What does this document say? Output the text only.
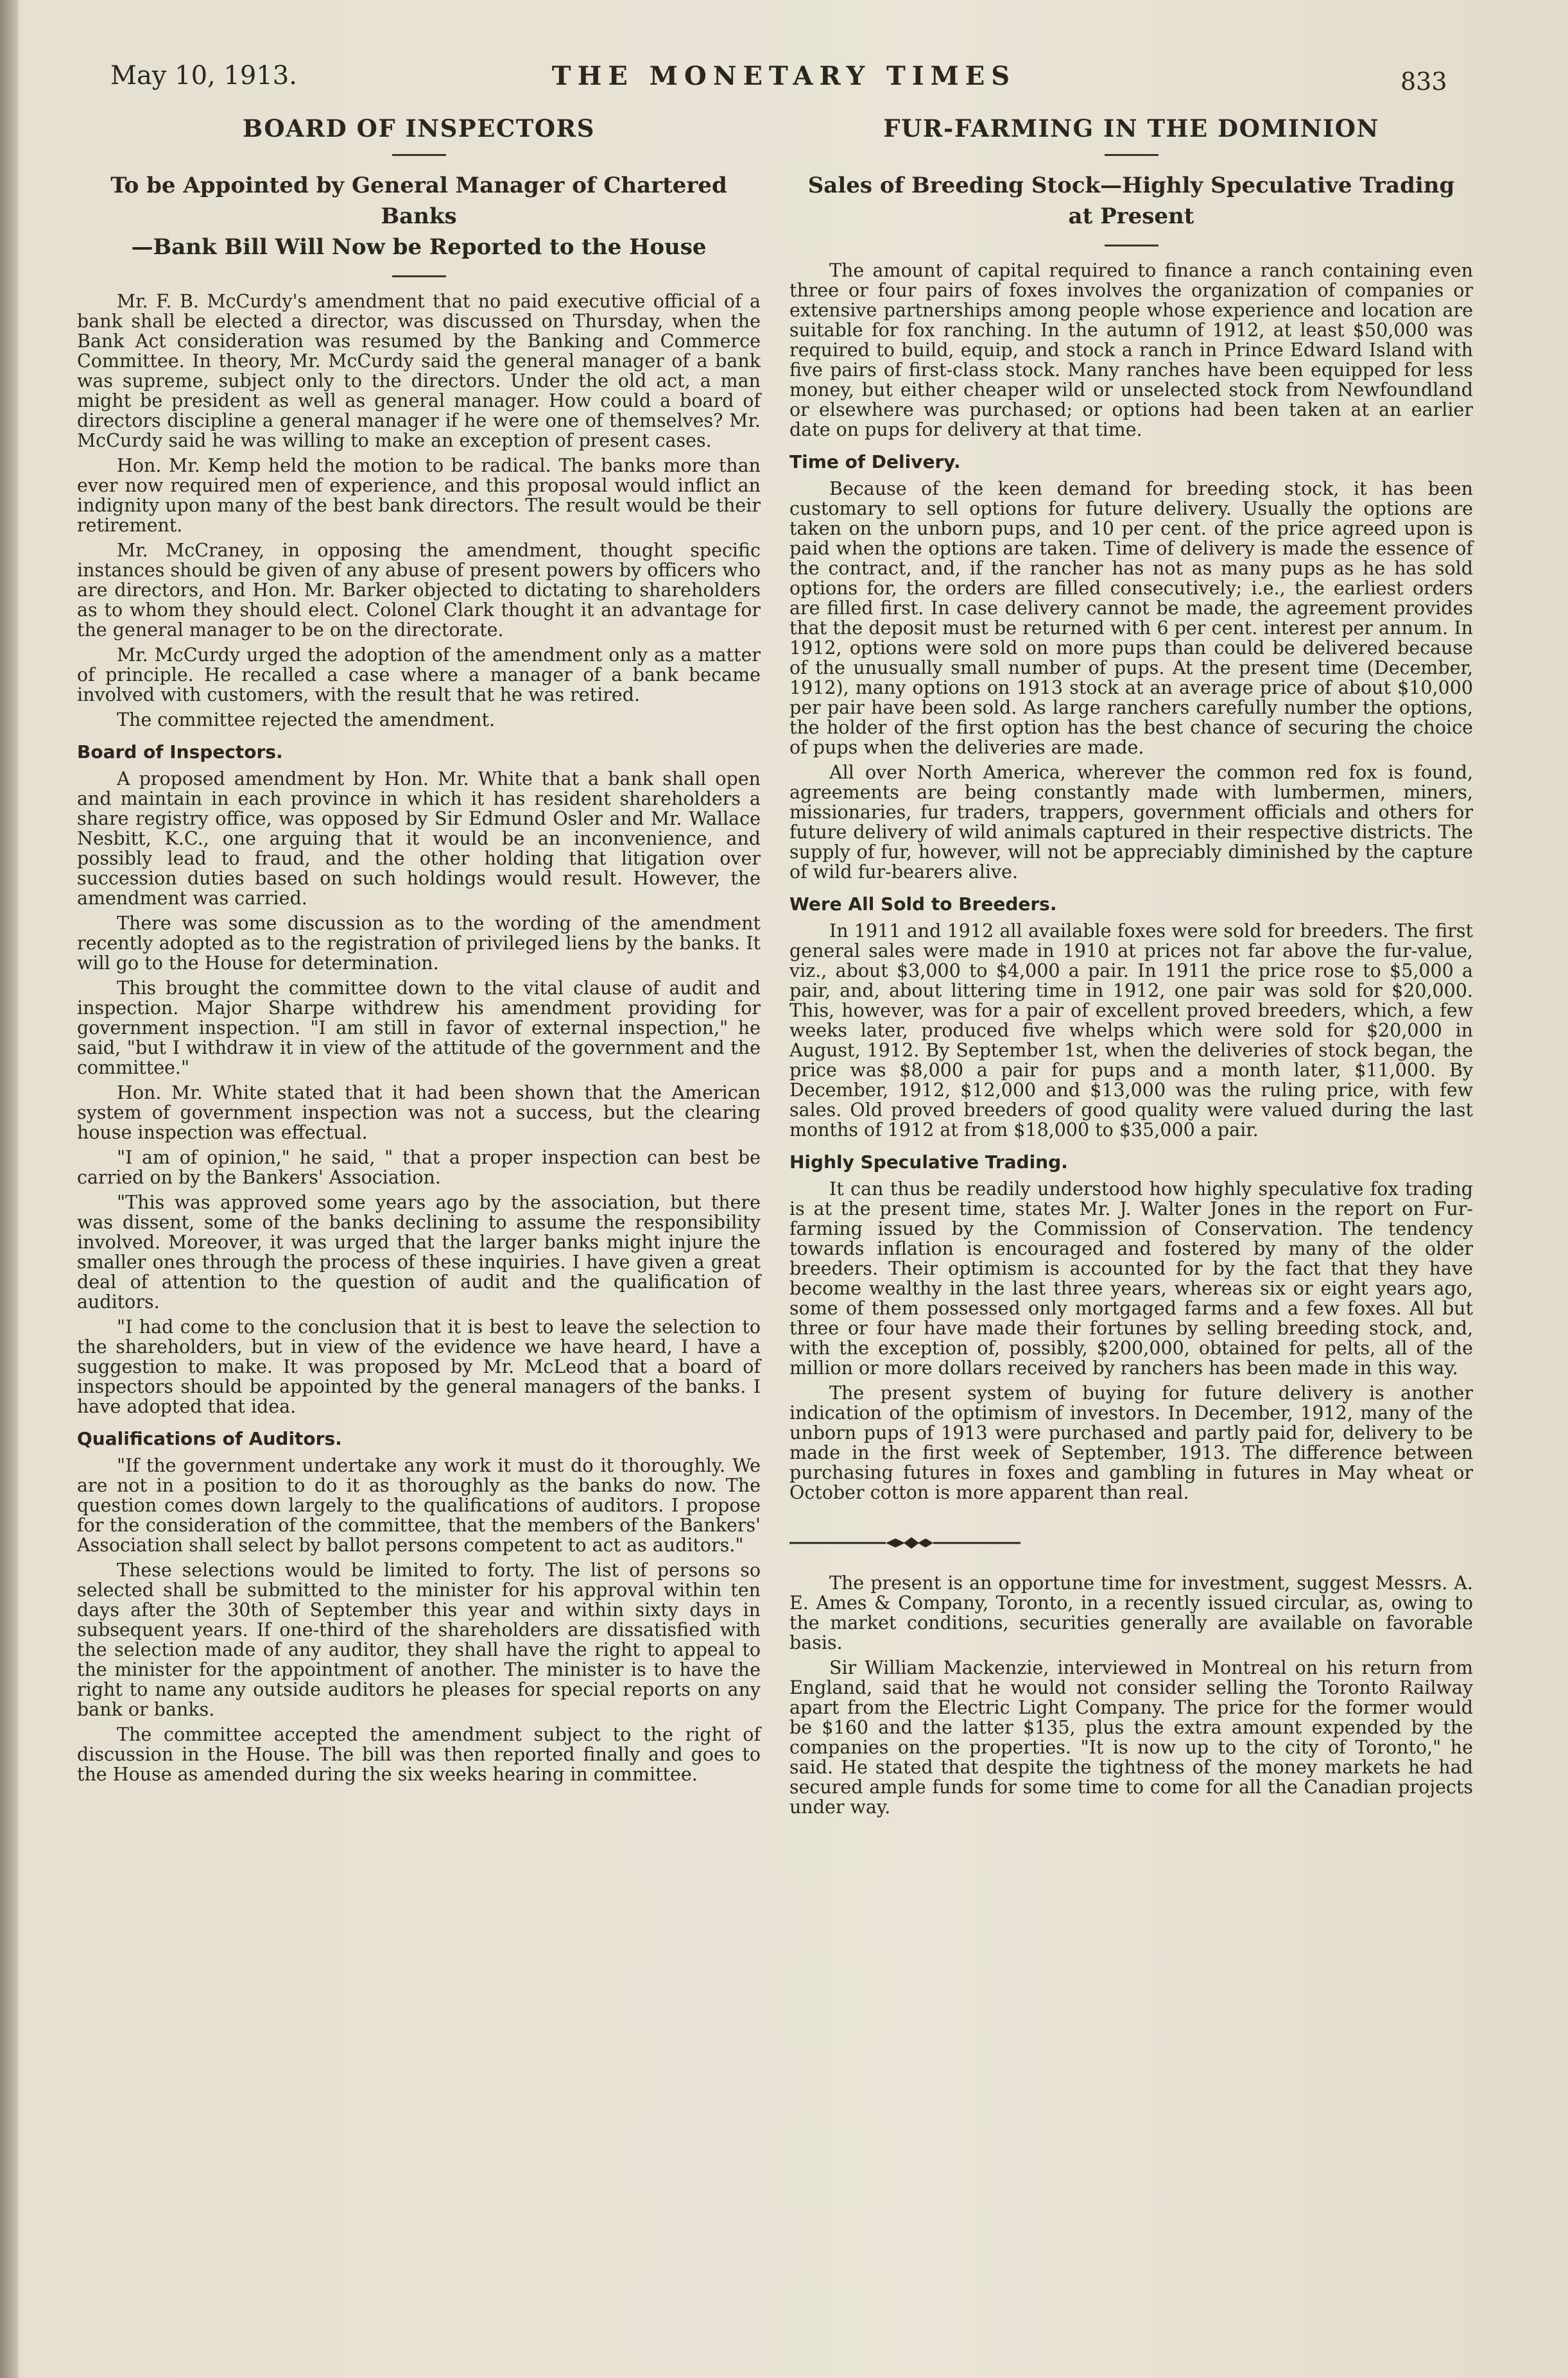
May 10, 1913.	THE MONETARY TIMES	833
BOARD OF INSPECTORS
To be Appointed by General Manager of Chartered Banks
—Bank Bill Will Now be Reported to the House

Mr. F. B. McCurdy's amendment that no paid executive official of a bank shall be elected a director, was discussed on Thursday, when the Bank Act consideration was resumed by the Banking and Commerce Committee. In theory, Mr. McCurdy said the general manager of a bank was supreme, subject only to the directors. Under the old act, a man might be president as well as general manager. How could a board of directors discipline a general manager if he were one of themselves? Mr. McCurdy said he was willing to make an exception of present cases.

Hon. Mr. Kemp held the motion to be radical. The banks more than ever now required men of experience, and this proposal would inflict an indignity upon many of the best bank directors. The result would be their retirement.

Mr. McCraney, in opposing the amendment, thought specific instances should be given of any abuse of present powers by officers who are directors, and Hon. Mr. Barker objected to dictating to shareholders as to whom they should elect. Colonel Clark thought it an advantage for the general manager to be on the directorate.

Mr. McCurdy urged the adoption of the amendment only as a matter of principle. He recalled a case where a manager of a bank became involved with customers, with the result that he was retired.

The committee rejected the amendment.

Board of Inspectors.

A proposed amendment by Hon. Mr. White that a bank shall open and maintain in each province in which it has resident shareholders a share registry office, was opposed by Sir Edmund Osler and Mr. Wallace Nesbitt, K.C., one arguing that it would be an inconvenience, and possibly lead to fraud, and the other holding that litigation over succession duties based on such holdings would result. However, the amendment was carried.

There was some discussion as to the wording of the amendment recently adopted as to the registration of privileged liens by the banks. It will go to the House for determination.

This brought the committee down to the vital clause of audit and inspection. Major Sharpe withdrew his amendment providing for government inspection. "I am still in favor of external inspection," he said, "but I withdraw it in view of the attitude of the government and the committee."

Hon. Mr. White stated that it had been shown that the American system of government inspection was not a success, but the clearing house inspection was effectual.

"I am of opinion," he said, " that a proper inspection can best be carried on by the Bankers' Association.

"This was approved some years ago by the association, but there was dissent, some of the banks declining to assume the responsibility involved. Moreover, it was urged that the larger banks might injure the smaller ones through the process of these inquiries. I have given a great deal of attention to the question of audit and the qualification of auditors.

"I had come to the conclusion that it is best to leave the selection to the shareholders, but in view of the evidence we have heard, I have a suggestion to make. It was proposed by Mr. McLeod that a board of inspectors should be appointed by the general managers of the banks. I have adopted that idea.

Qualifications of Auditors.

"If the government undertake any work it must do it thoroughly. We are not in a position to do it as thoroughly as the banks do now. The question comes down largely to the qualifications of auditors. I propose for the consideration of the committee, that the members of the Bankers' Association shall select by ballot persons competent to act as auditors."

These selections would be limited to forty. The list of persons so selected shall be submitted to the minister for his approval within ten days after the 30th of September this year and within sixty days in subsequent years. If one-third of the shareholders are dissatisfied with the selection made of any auditor, they shall have the right to appeal to the minister for the appointment of another. The minister is to have the right to name any outside auditors he pleases for special reports on any bank or banks.

The committee accepted the amendment subject to the right of discussion in the House. The bill was then reported finally and goes to the House as amended during the six weeks hearing in committee.

FUR-FARMING IN THE DOMINION
Sales of Breeding Stock—Highly Speculative Trading
at Present

The amount of capital required to finance a ranch containing even three or four pairs of foxes involves the organization of companies or extensive partnerships among people whose experience and location are suitable for fox ranching. In the autumn of 1912, at least $50,000 was required to build, equip, and stock a ranch in Prince Edward Island with five pairs of first-class stock. Many ranches have been equipped for less money, but either cheaper wild or unselected stock from Newfoundland or elsewhere was purchased; or options had been taken at an earlier date on pups for delivery at that time.

Time of Delivery.

Because of the keen demand for breeding stock, it has been customary to sell options for future delivery. Usually the options are taken on the unborn pups, and 10 per cent. of the price agreed upon is paid when the options are taken. Time of delivery is made the essence of the contract, and, if the rancher has not as many pups as he has sold options for, the orders are filled consecutively; i.e., the earliest orders are filled first. In case delivery cannot be made, the agreement provides that the deposit must be returned with 6 per cent. interest per annum. In 1912, options were sold on more pups than could be delivered because of the unusually small number of pups. At the present time (December, 1912), many options on 1913 stock at an average price of about $10,000 per pair have been sold. As large ranchers carefully number the options, the holder of the first option has the best chance of securing the choice of pups when the deliveries are made.

All over North America, wherever the common red fox is found, agreements are being constantly made with lumbermen, miners, missionaries, fur traders, trappers, government officials and others for future delivery of wild animals captured in their respective districts. The supply of fur, however, will not be appreciably diminished by the capture of wild fur-bearers alive.

Were All Sold to Breeders.

In 1911 and 1912 all available foxes were sold for breeders. The first general sales were made in 1910 at prices not far above the fur-value, viz., about $3,000 to $4,000 a pair. In 1911 the price rose to $5,000 a pair, and, about littering time in 1912, one pair was sold for $20,000. This, however, was for a pair of excellent proved breeders, which, a few weeks later, produced five whelps which were sold for $20,000 in August, 1912. By September 1st, when the deliveries of stock began, the price was $8,000 a pair for pups and a month later, $11,000. By December, 1912, $12,000 and $13,000 was the ruling price, with few sales. Old proved breeders of good quality were valued during the last months of 1912 at from $18,000 to $35,000 a pair.

Highly Speculative Trading.

It can thus be readily understood how highly speculative fox trading is at the present time, states Mr. J. Walter Jones in the report on Fur-farming issued by the Commission of Conservation. The tendency towards inflation is encouraged and fostered by many of the older breeders. Their optimism is accounted for by the fact that they have become wealthy in the last three years, whereas six or eight years ago, some of them possessed only mortgaged farms and a few foxes. All but three or four have made their fortunes by selling breeding stock, and, with the exception of, possibly, $200,000, obtained for pelts, all of the million or more dollars received by ranchers has been made in this way.

The present system of buying for future delivery is another indication of the optimism of investors. In December, 1912, many of the unborn pups of 1913 were purchased and partly paid for, delivery to be made in the first week of September, 1913. The difference between purchasing futures in foxes and gambling in futures in May wheat or October cotton is more apparent than real.

The present is an opportune time for investment, suggest Messrs. A. E. Ames & Company, Toronto, in a recently issued circular, as, owing to the market conditions, securities generally are available on favorable basis.

Sir William Mackenzie, interviewed in Montreal on his return from England, said that he would not consider selling the Toronto Railway apart from the Electric Light Company. The price for the former would be $160 and the latter $135, plus the extra amount expended by the companies on the properties. "It is now up to the city of Toronto," he said. He stated that despite the tightness of the money markets he had secured ample funds for some time to come for all the Canadian projects under way.
